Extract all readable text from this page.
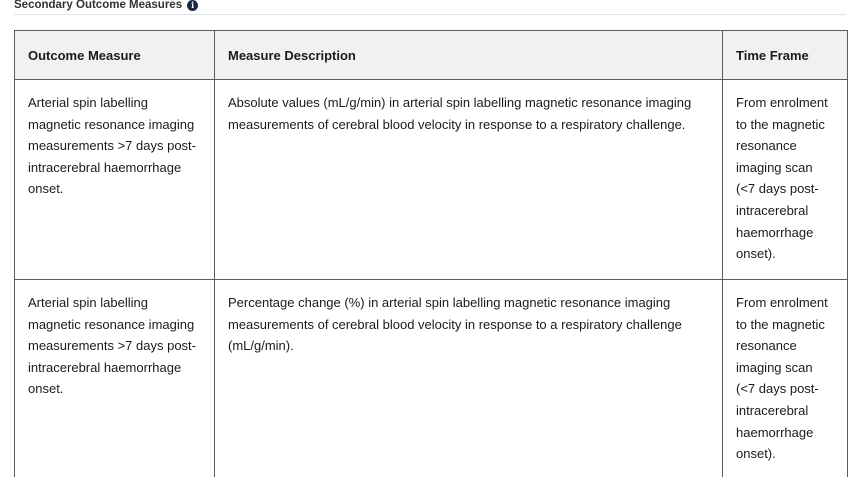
Secondary Outcome Measures	i
Outcome Measure	Measure Description	Time Frame
Arterial spin labelling magnetic resonance imaging measurements >7 days post-intracerebral haemorrhage onset.	Absolute values (mL/g/min) in arterial spin labelling magnetic resonance imaging measurements of cerebral blood velocity in response to a respiratory challenge.	From enrolment to the magnetic resonance imaging scan (<7 days post-intracerebral haemorrhage onset).
Arterial spin labelling magnetic resonance imaging measurements >7 days post-intracerebral haemorrhage onset.	Percentage change (%) in arterial spin labelling magnetic resonance imaging measurements of cerebral blood velocity in response to a respiratory challenge (mL/g/min).	From enrolment to the magnetic resonance imaging scan (<7 days post-intracerebral haemorrhage onset).
